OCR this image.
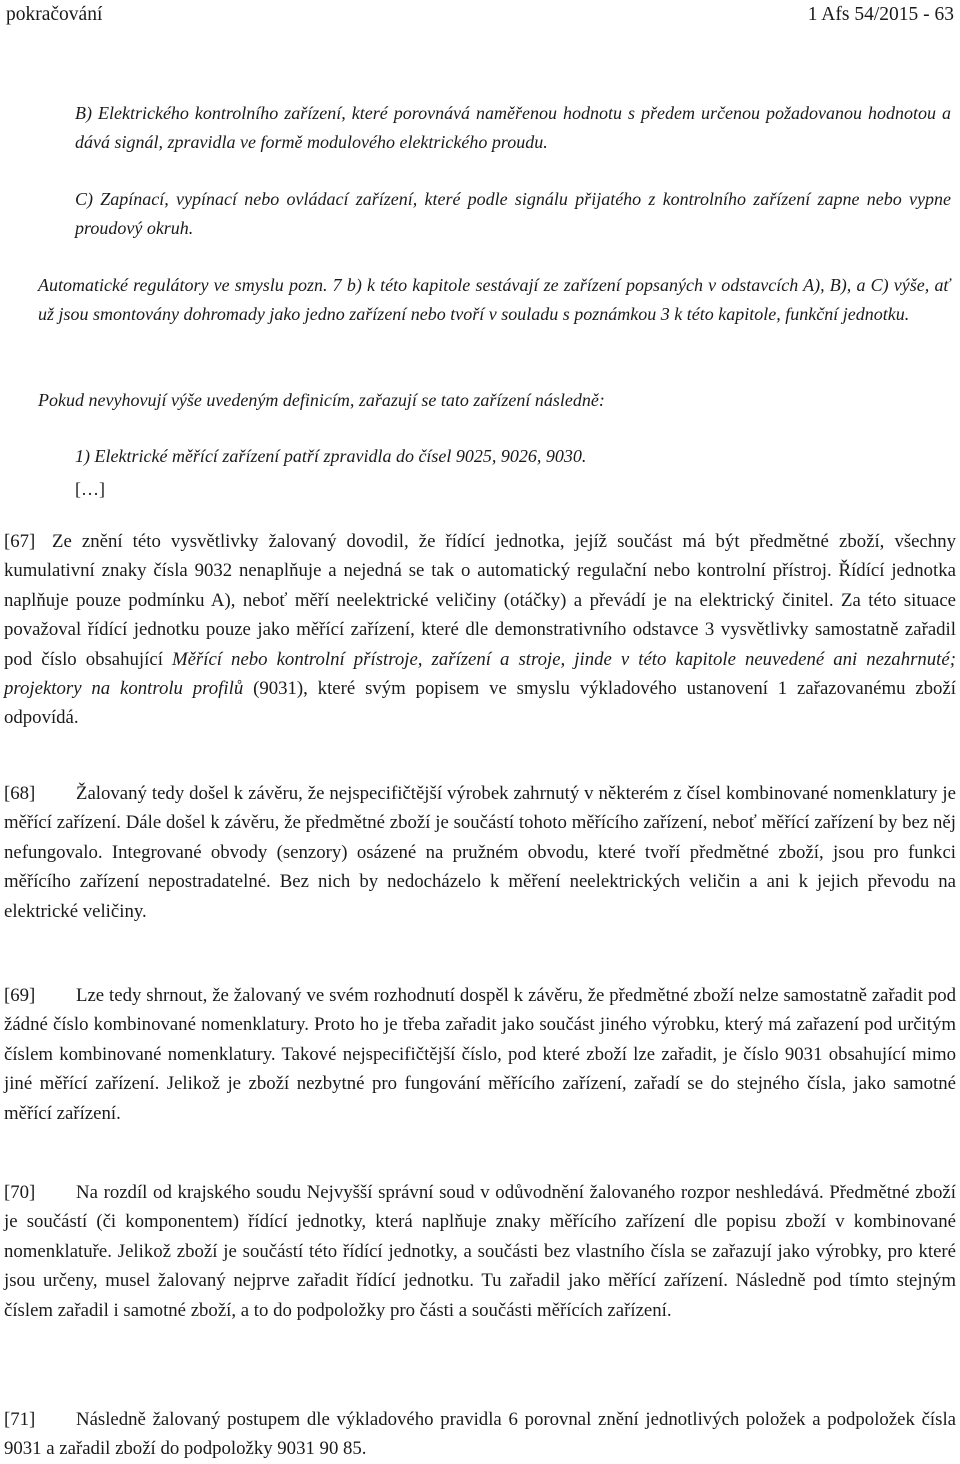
pokračování	1 Afs 54/2015 - 63
B) Elektrického kontrolního zařízení, které porovnává naměřenou hodnotu s předem určenou požadovanou hodnotou a dává signál, zpravidla ve formě modulového elektrického proudu.
C) Zapínací, vypínací nebo ovládací zařízení, které podle signálu přijatého z kontrolního zařízení zapne nebo vypne proudový okruh.
Automatické regulátory ve smyslu pozn. 7 b) k této kapitole sestávají ze zařízení popsaných v odstavcích A), B), a C) výše, ať už jsou smontovány dohromady jako jedno zařízení nebo tvoří v souladu s poznámkou 3 k této kapitole, funkční jednotku.
Pokud nevyhovují výše uvedeným definicím, zařazují se tato zařízení následně:
1) Elektrické měřící zařízení patří zpravidla do čísel 9025, 9026, 9030.
[…]
[67] Ze znění této vysvětlivky žalovaný dovodil, že řídící jednotka, jejíž součást má být předmětné zboží, všechny kumulativní znaky čísla 9032 nenaplňuje a nejedná se tak o automatický regulační nebo kontrolní přístroj. Řídící jednotka naplňuje pouze podmínku A), neboť měří neelektrické veličiny (otáčky) a převádí je na elektrický činitel. Za této situace považoval řídící jednotku pouze jako měřící zařízení, které dle demonstrativního odstavce 3 vysvětlivky samostatně zařadil pod číslo obsahující Měřící nebo kontrolní přístroje, zařízení a stroje, jinde v této kapitole neuvedené ani nezahrnuté; projektory na kontrolu profilů (9031), které svým popisem ve smyslu výkladového ustanovení 1 zařazovanému zboží odpovídá.
[68] Žalovaný tedy došel k závěru, že nejspecifičtější výrobek zahrnutý v některém z čísel kombinované nomenklatury je měřící zařízení. Dále došel k závěru, že předmětné zboží je součástí tohoto měřícího zařízení, neboť měřící zařízení by bez něj nefungovalo. Integrované obvody (senzory) osázené na pružném obvodu, které tvoří předmětné zboží, jsou pro funkci měřícího zařízení nepostradatelné. Bez nich by nedocházelo k měření neelektrických veličin a ani k jejich převodu na elektrické veličiny.
[69] Lze tedy shrnout, že žalovaný ve svém rozhodnutí dospěl k závěru, že předmětné zboží nelze samostatně zařadit pod žádné číslo kombinované nomenklatury. Proto ho je třeba zařadit jako součást jiného výrobku, který má zařazení pod určitým číslem kombinované nomenklatury. Takové nejspecifičtější číslo, pod které zboží lze zařadit, je číslo 9031 obsahující mimo jiné měřící zařízení. Jelikož je zboží nezbytné pro fungování měřícího zařízení, zařadí se do stejného čísla, jako samotné měřící zařízení.
[70] Na rozdíl od krajského soudu Nejvyšší správní soud v odůvodnění žalovaného rozpor neshledává. Předmětné zboží je součástí (či komponentem) řídící jednotky, která naplňuje znaky měřícího zařízení dle popisu zboží v kombinované nomenklatuře. Jelikož zboží je součástí této řídící jednotky, a součásti bez vlastního čísla se zařazují jako výrobky, pro které jsou určeny, musel žalovaný nejprve zařadit řídící jednotku. Tu zařadil jako měřící zařízení. Následně pod tímto stejným číslem zařadil i samotné zboží, a to do podpoložky pro části a součásti měřících zařízení.
[71] Následně žalovaný postupem dle výkladového pravidla 6 porovnal znění jednotlivých položek a podpoložek čísla 9031 a zařadil zboží do podpoložky 9031 90 85.
